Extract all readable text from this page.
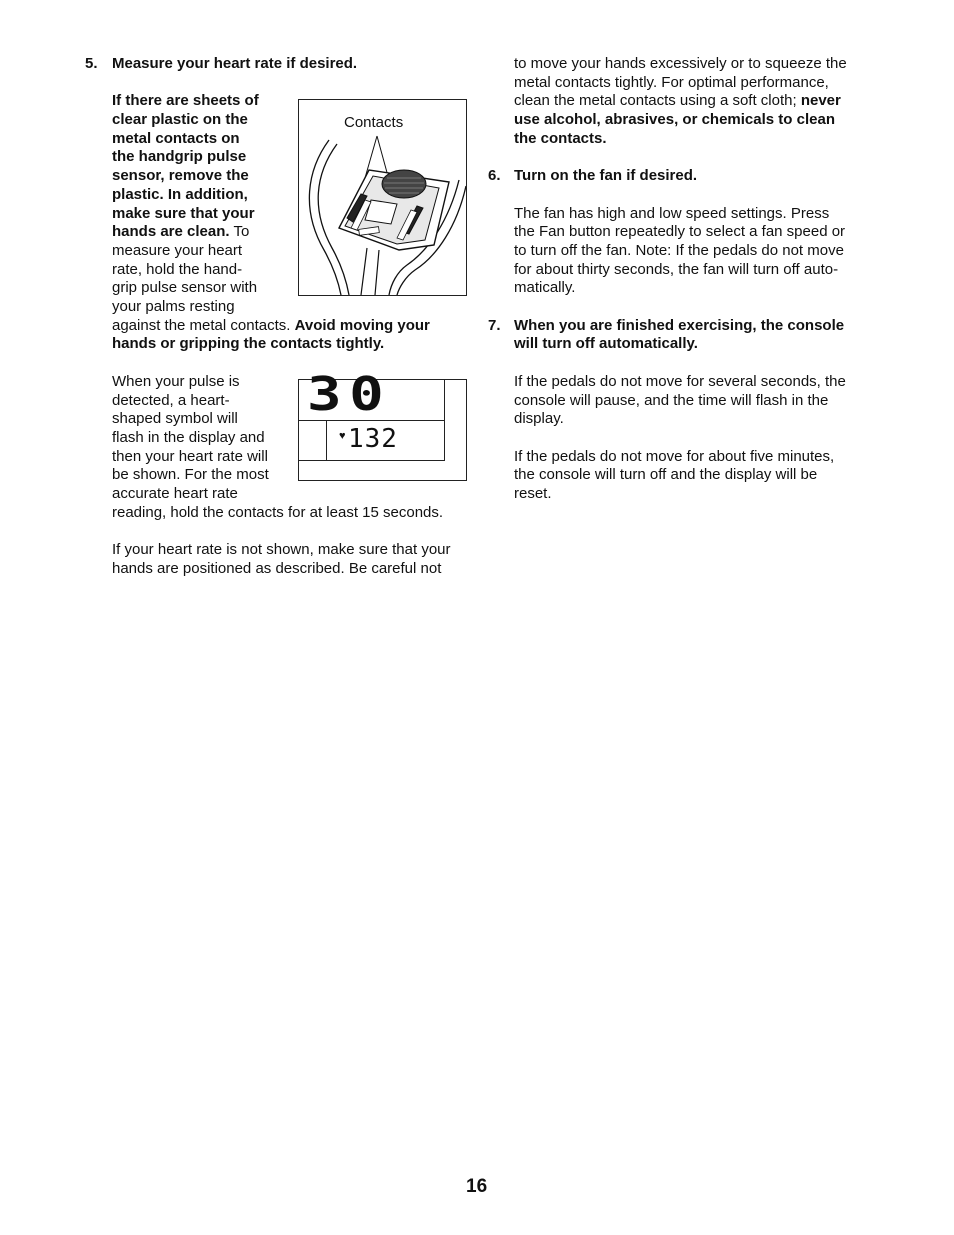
5. Measure your heart rate if desired.
If there are sheets of
clear plastic on the
metal contacts on
the handgrip pulse
sensor, remove the
plastic. In addition,
make sure that your
hands are clean. To
measure your heart
rate, hold the hand-
grip pulse sensor with
your palms resting
against the metal contacts. Avoid moving your
hands or gripping the contacts tightly.
Contacts
When your pulse is
detected, a heart-
shaped symbol will
flash in the display and
then your heart rate will
be shown. For the most
accurate heart rate
reading, hold the contacts for at least 15 seconds.
30
♥ 132
If your heart rate is not shown, make sure that your
hands are positioned as described. Be careful not
to move your hands excessively or to squeeze the
metal contacts tightly. For optimal performance,
clean the metal contacts using a soft cloth; never
use alcohol, abrasives, or chemicals to clean
the contacts.
6. Turn on the fan if desired.
The fan has high and low speed settings. Press
the Fan button repeatedly to select a fan speed or
to turn off the fan. Note: If the pedals do not move
for about thirty seconds, the fan will turn off auto-
matically.
7. When you are finished exercising, the console
will turn off automatically.
If the pedals do not move for several seconds, the
console will pause, and the time will flash in the
display.
If the pedals do not move for about five minutes,
the console will turn off and the display will be
reset.
16
